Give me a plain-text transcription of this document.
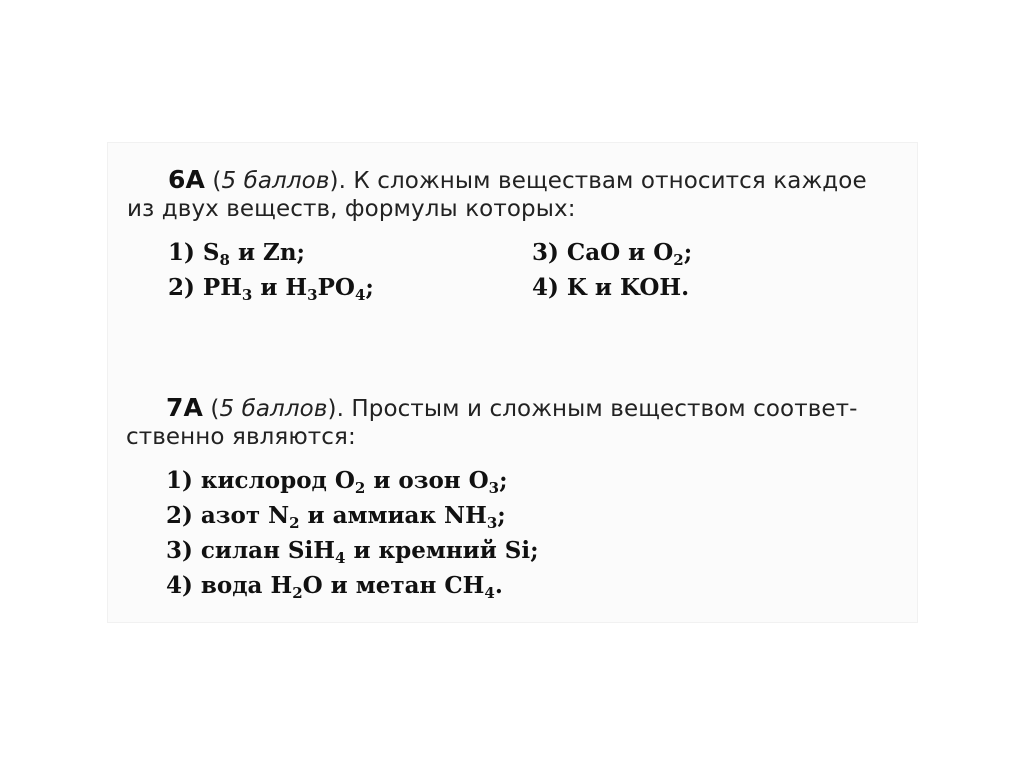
6A (5 баллов). К сложным веществам относится каждое
из двух веществ, формулы которых:
1) $S_8$ и Zn;	3) CaO и $O_2$;
2) $PH_3$ и $H_3PO_4$;	4) K и KOH.
7A (5 баллов). Простым и сложным веществом соответ-
ственно являются:
1) кислород $O_2$ и озон $O_3$;
2) азот $N_2$ и аммиак $NH_3$;
3) силан SiH$_4$ и кремний Si;
4) вода $H_2O$ и метан $CH_4$.
